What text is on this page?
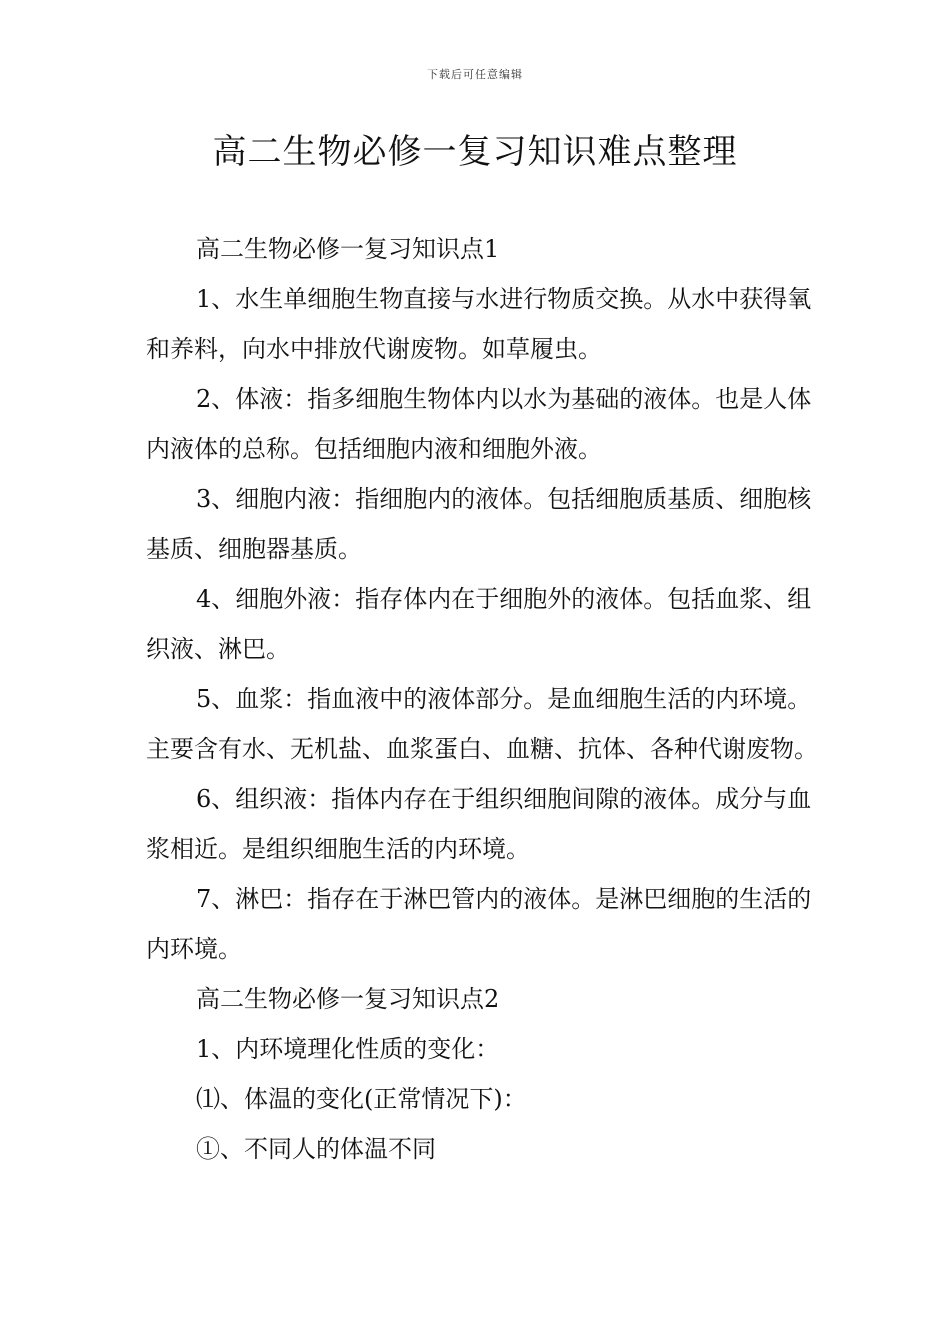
下载后可任意编辑
高二生物必修一复习知识难点整理

高二生物必修一复习知识点1

1、水生单细胞生物直接与水进行物质交换。从水中获得氧和养料，向水中排放代谢废物。如草履虫。

2、体液：指多细胞生物体内以水为基础的液体。也是人体内液体的总称。包括细胞内液和细胞外液。

3、细胞内液：指细胞内的液体。包括细胞质基质、细胞核基质、细胞器基质。

4、细胞外液：指存体内在于细胞外的液体。包括血浆、组织液、淋巴。

5、血浆：指血液中的液体部分。是血细胞生活的内环境。主要含有水、无机盐、血浆蛋白、血糖、抗体、各种代谢废物。

6、组织液：指体内存在于组织细胞间隙的液体。成分与血浆相近。是组织细胞生活的内环境。

7、淋巴：指存在于淋巴管内的液体。是淋巴细胞的生活的内环境。

高二生物必修一复习知识点2

1、内环境理化性质的变化：

⑴、体温的变化(正常情况下)：

①、不同人的体温不同
